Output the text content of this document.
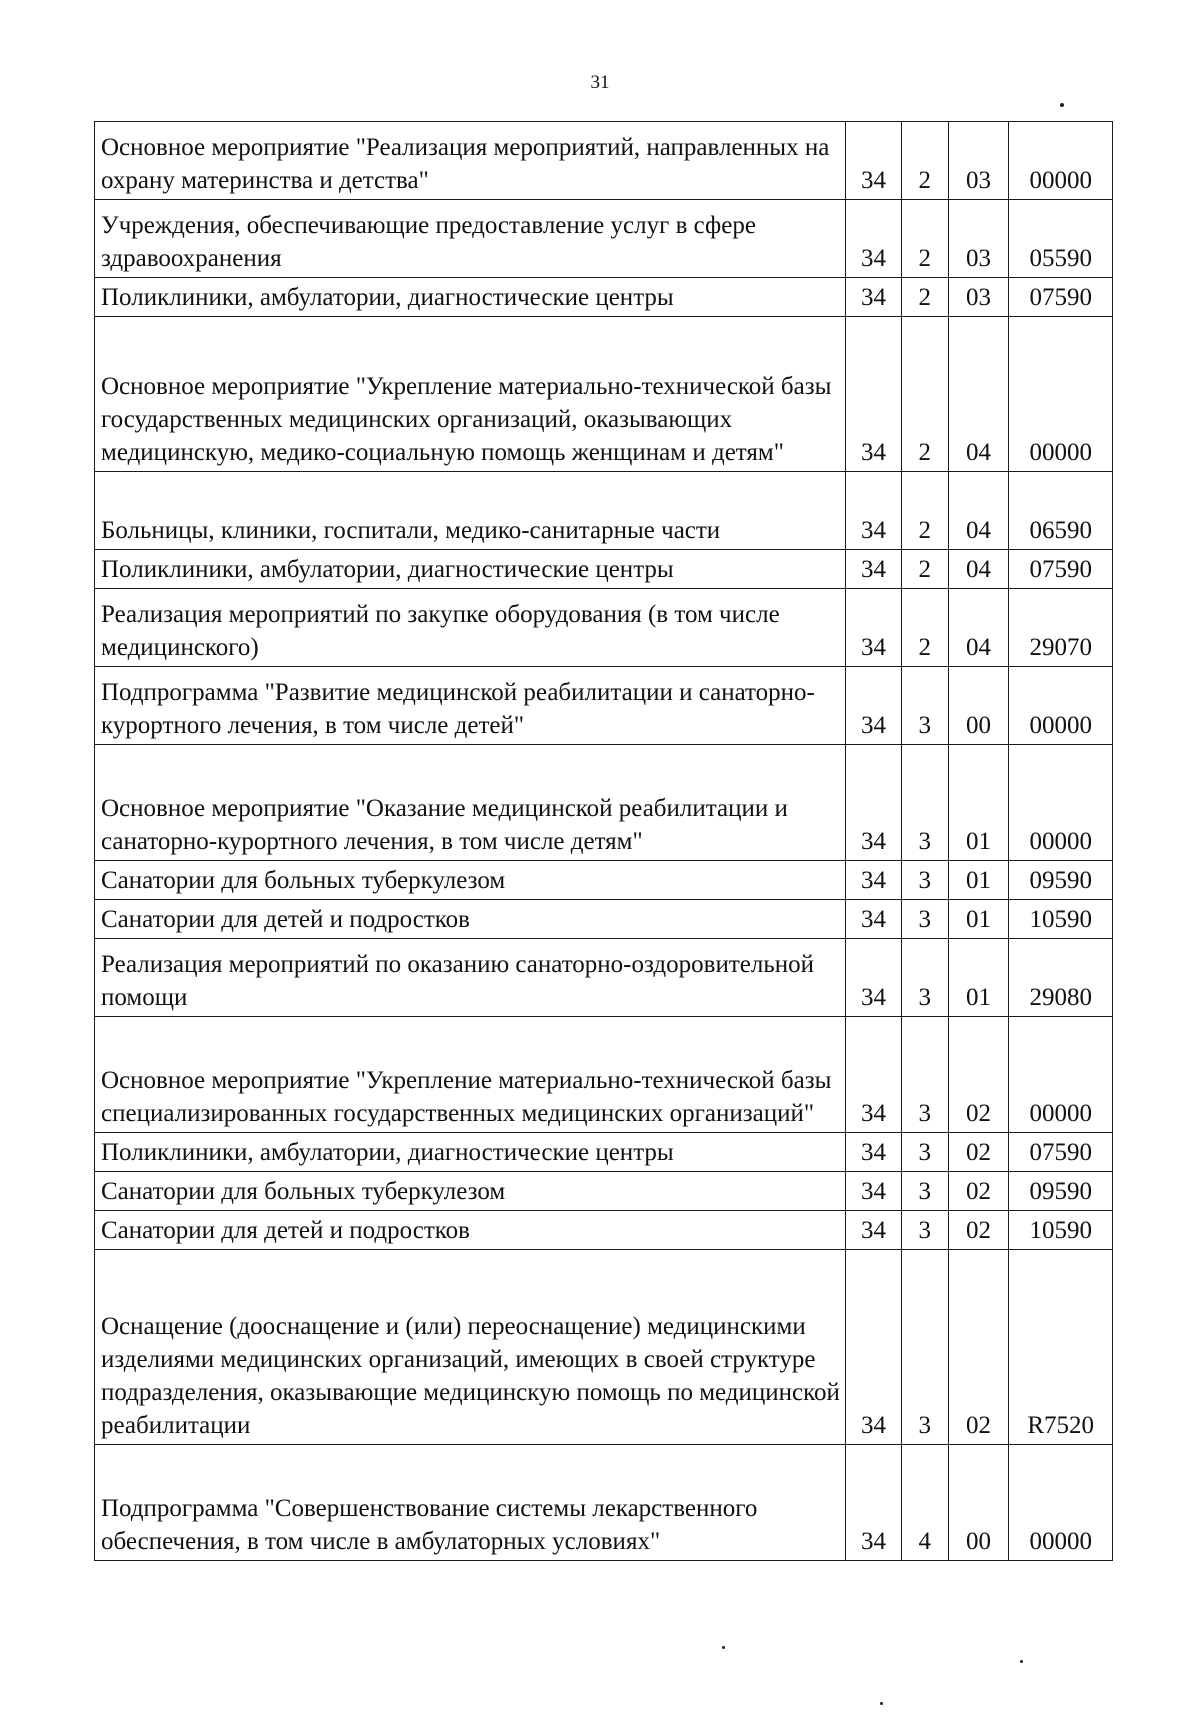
31
Основное мероприятие "Реализация мероприятий, направленных на охрану материнства и детства"	34	2	03	00000
Учреждения, обеспечивающие предоставление услуг в сфере здравоохранения	34	2	03	05590
Поликлиники, амбулатории, диагностические центры	34	2	03	07590
Основное мероприятие "Укрепление материально-технической базы государственных медицинских организаций, оказывающих медицинскую, медико-социальную помощь женщинам и детям"	34	2	04	00000
Больницы, клиники, госпитали, медико-санитарные части	34	2	04	06590
Поликлиники, амбулатории, диагностические центры	34	2	04	07590
Реализация мероприятий по закупке оборудования (в том числе медицинского)	34	2	04	29070
Подпрограмма "Развитие медицинской реабилитации и санаторно-курортного лечения, в том числе детей"	34	3	00	00000
Основное мероприятие "Оказание медицинской реабилитации и санаторно-курортного лечения, в том числе детям"	34	3	01	00000
Санатории для больных туберкулезом	34	3	01	09590
Санатории для детей и подростков	34	3	01	10590
Реализация мероприятий по оказанию санаторно-оздоровительной помощи	34	3	01	29080
Основное мероприятие "Укрепление материально-технической базы специализированных государственных медицинских организаций"	34	3	02	00000
Поликлиники, амбулатории, диагностические центры	34	3	02	07590
Санатории для больных туберкулезом	34	3	02	09590
Санатории для детей и подростков	34	3	02	10590
Оснащение (дооснащение и (или) переоснащение) медицинскими изделиями медицинских организаций, имеющих в своей структуре подразделения, оказывающие медицинскую помощь по медицинской реабилитации	34	3	02	R7520
Подпрограмма "Совершенствование системы лекарственного обеспечения, в том числе в амбулаторных условиях"	34	4	00	00000
